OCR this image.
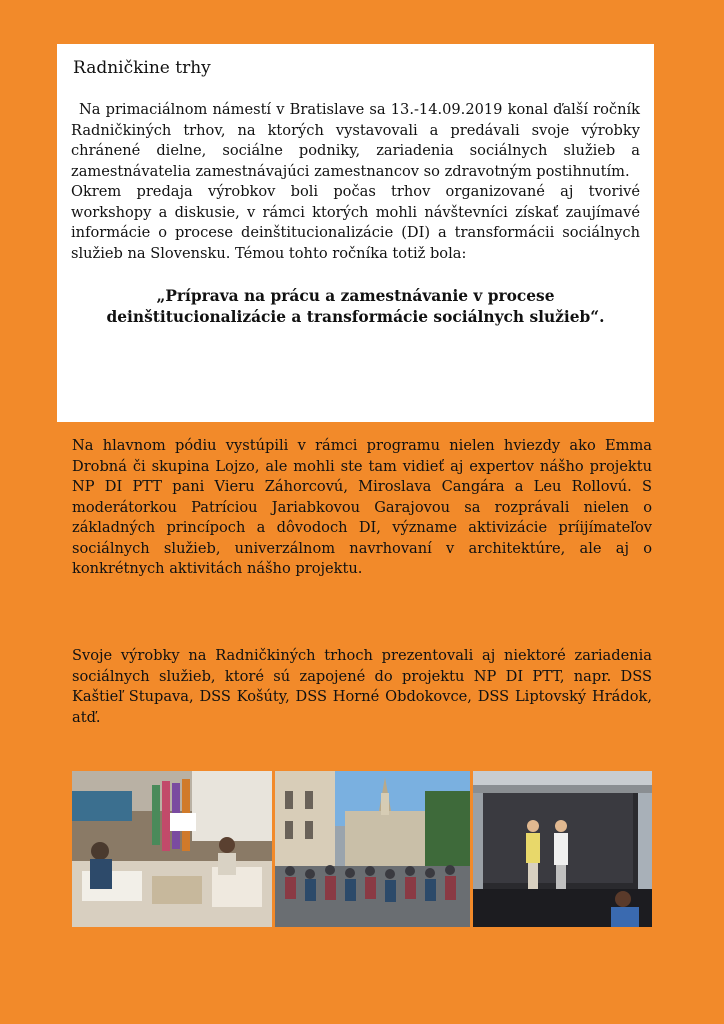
Radničkine trhy

Na primaciálnom námestí v Bratislave sa 13.-14.09.2019 konal ďalší ročník Radničkiných trhov, na ktorých vystavovali a predávali svoje výrobky chránené dielne, sociálne podniky, zariadenia sociálnych služieb a zamestnávatelia zamestnávajúci zamestnancov so zdravotným postihnutím.

Okrem predaja výrobkov boli počas trhov organizované aj tvorivé workshopy a diskusie, v rámci ktorých mohli návštevníci získať zaujímavé informácie o procese deinštitucionalizácie (DI) a transformácii sociálnych služieb na Slovensku. Témou tohto ročníka totiž bola:

„Príprava na prácu a zamestnávanie v procese
deinštitucionalizácie a transformácie sociálnych služieb“.

Na hlavnom pódiu vystúpili v rámci programu nielen hviezdy ako Emma Drobná či skupina Lojzo, ale mohli ste tam vidieť aj expertov nášho projektu NP DI PTT pani Vieru Záhorcovú, Miroslava Cangára a Leu Rollovú. S moderátorkou Patríciou Jariabkovou Garajovou sa rozprávali nielen o základných princípoch a dôvodoch DI, význame aktivizácie príijímateľov sociálnych služieb, univerzálnom navrhovaní v architektúre, ale aj o konkrétnych aktivitách nášho projektu.

Svoje výrobky na Radničkiných trhoch prezentovali aj niektoré zariadenia sociálnych služieb, ktoré sú zapojené do projektu NP DI PTT, napr. DSS Kaštieľ Stupava, DSS Košúty, DSS Horné Obdokovce, DSS Liptovský Hrádok, atď.
